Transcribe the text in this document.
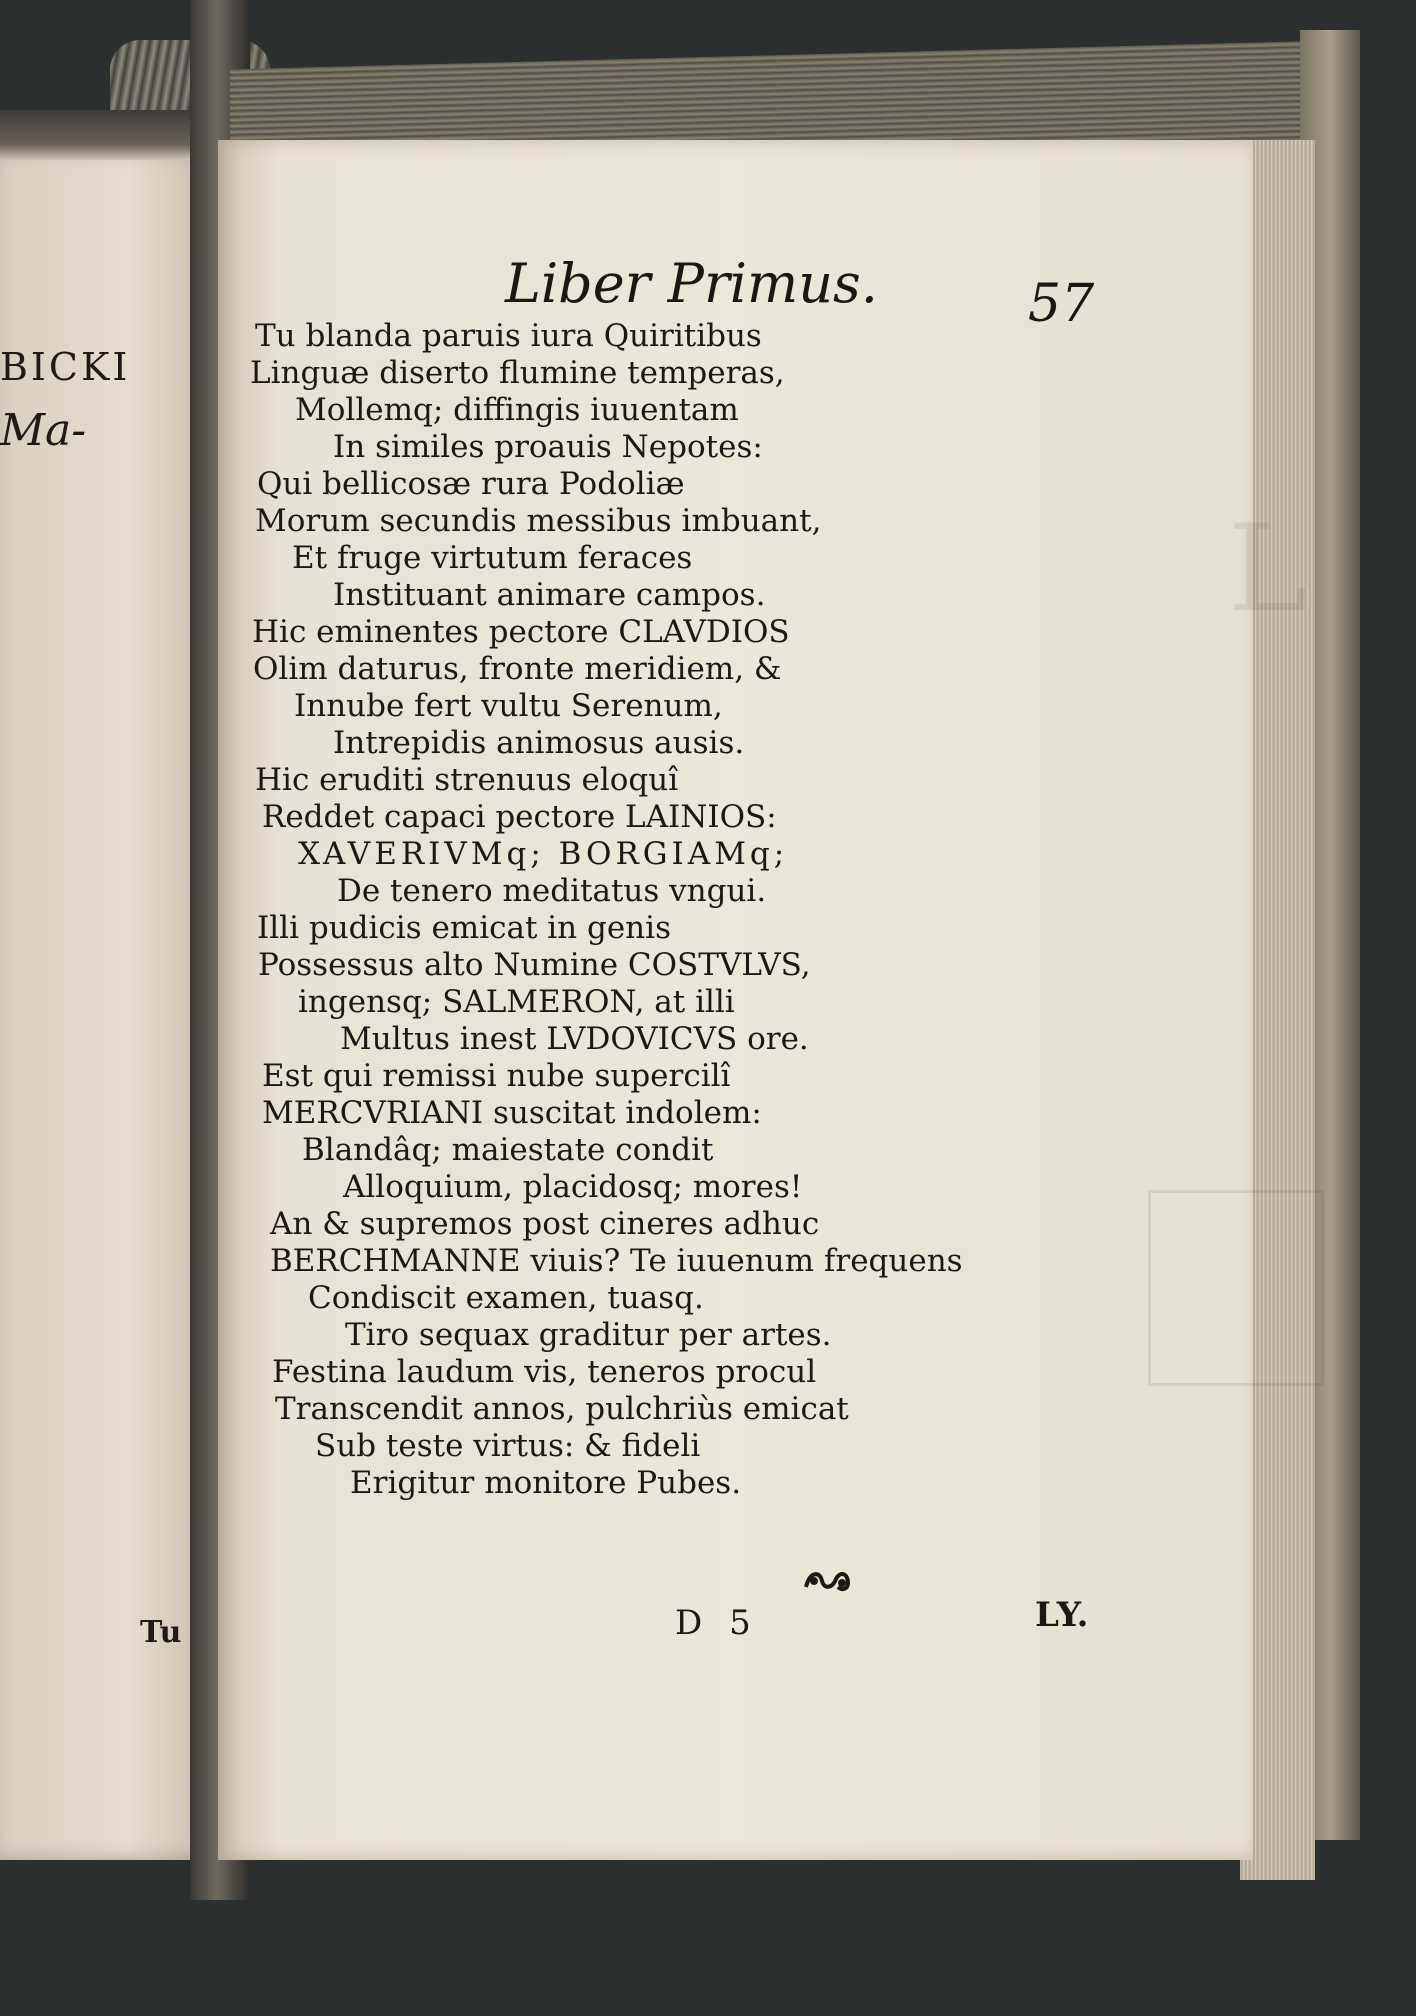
BICKI
Ma-
Tu
L
Liber Primus.	57
Tu blanda paruis iura Quiritibus
Linguæ diserto flumine temperas,
Mollemq; diffingis iuuentam
In similes proauis Nepotes:
Qui bellicosæ rura Podoliæ
Morum secundis messibus imbuant,
Et fruge virtutum feraces
Instituant animare campos.
Hic eminentes pectore CLAVDIOS
Olim daturus, fronte meridiem, &
Innube fert vultu Serenum,
Intrepidis animosus ausis.
Hic eruditi strenuus eloquî
Reddet capaci pectore LAINIOS:
XAVERIVMq; BORGIAMq;
De tenero meditatus vngui.
Illi pudicis emicat in genis
Possessus alto Numine COSTVLVS,
ingensq; SALMERON, at illi
Multus inest LVDOVICVS ore.
Est qui remissi nube supercilî
MERCVRIANI suscitat indolem:
Blandâq; maiestate condit
Alloquium, placidosq; mores!
An & supremos post cineres adhuc
BERCHMANNE viuis? Te iuuenum frequens
Condiscit examen, tuasq.
Tiro sequax graditur per artes.
Festina laudum vis, teneros procul
Transcendit annos, pulchriùs emicat
Sub teste virtus: & fideli
Erigitur monitore Pubes.
D 5	LY.
